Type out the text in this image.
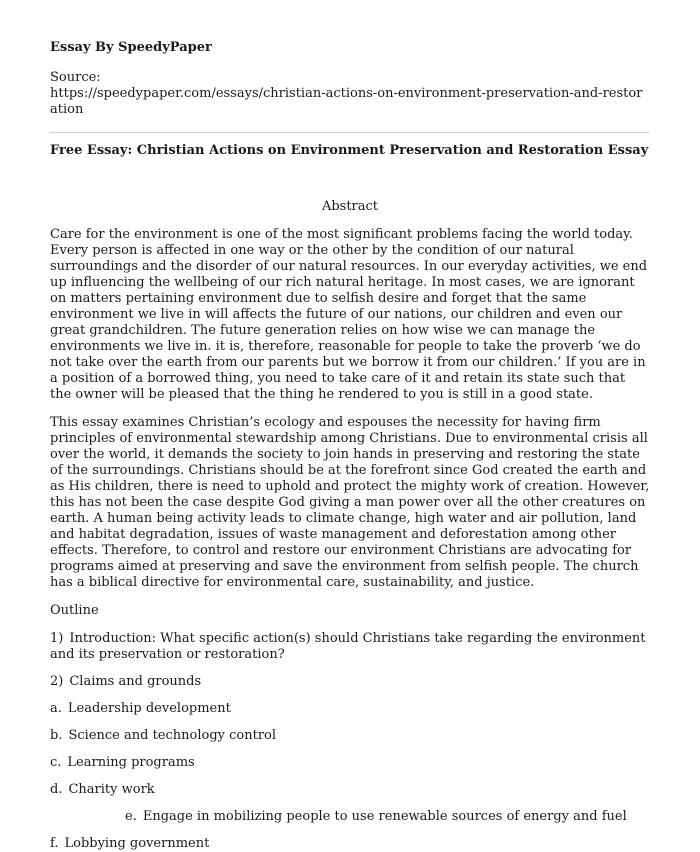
Essay By SpeedyPaper

Source:

https://speedypaper.com/essays/christian-actions-on-environment-preservation-and-restoration

Free Essay: Christian Actions on Environment Preservation and Restoration Essay

Abstract

Care for the environment is one of the most significant problems facing the world today. Every person is affected in one way or the other by the condition of our natural surroundings and the disorder of our natural resources. In our everyday activities, we end up influencing the wellbeing of our rich natural heritage. In most cases, we are ignorant on matters pertaining environment due to selfish desire and forget that the same environment we live in will affects the future of our nations, our children and even our great grandchildren. The future generation relies on how wise we can manage the environments we live in. it is, therefore, reasonable for people to take the proverb ‘we do not take over the earth from our parents but we borrow it from our children.’ If you are in a position of a borrowed thing, you need to take care of it and retain its state such that the owner will be pleased that the thing he rendered to you is still in a good state.

This essay examines Christian’s ecology and espouses the necessity for having firm principles of environmental stewardship among Christians. Due to environmental crisis all over the world, it demands the society to join hands in preserving and restoring the state of the surroundings. Christians should be at the forefront since God created the earth and as His children, there is need to uphold and protect the mighty work of creation. However, this has not been the case despite God giving a man power over all the other creatures on earth. A human being activity leads to climate change, high water and air pollution, land and habitat degradation, issues of waste management and deforestation among other effects. Therefore, to control and restore our environment Christians are advocating for programs aimed at preserving and save the environment from selfish people. The church has a biblical directive for environmental care, sustainability, and justice.

Outline

1) Introduction: What specific action(s) should Christians take regarding the environment and its preservation or restoration?

2) Claims and grounds

a. Leadership development

b. Science and technology control

c. Learning programs

d. Charity work

e. Engage in mobilizing people to use renewable sources of energy and fuel

f. Lobbying government
